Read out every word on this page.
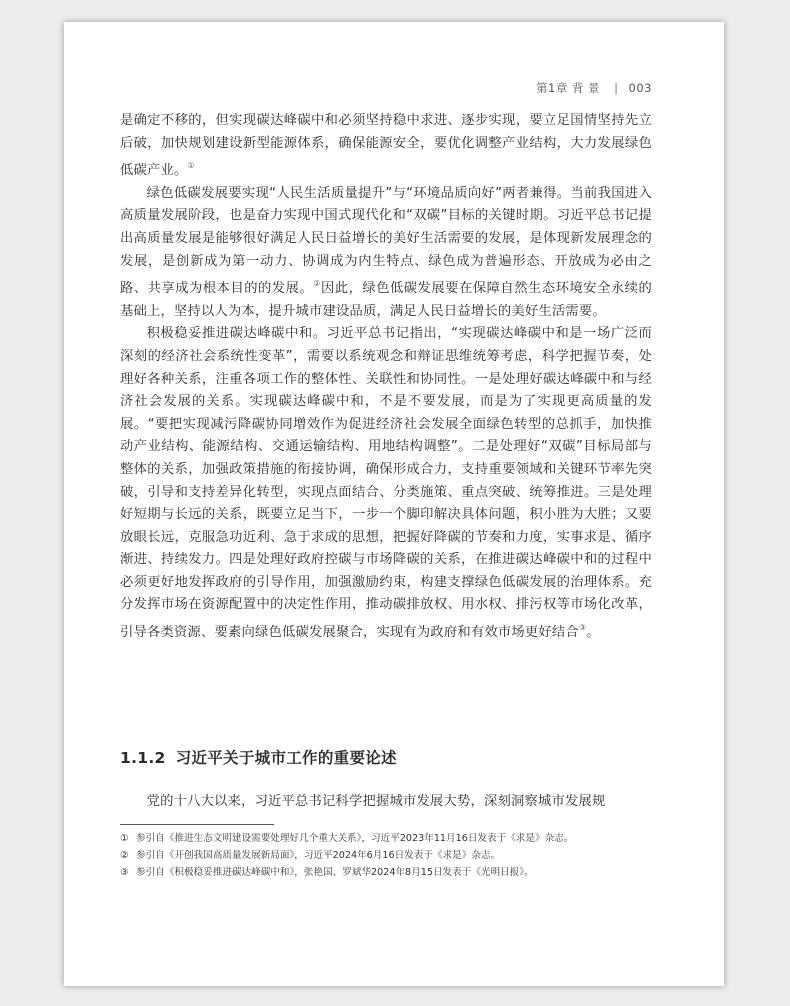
第1章 背 景 | 003

是确定不移的，但实现碳达峰碳中和必须坚持稳中求进、逐步实现，要立足国情坚持先立后破，加快规划建设新型能源体系，确保能源安全，要优化调整产业结构，大力发展绿色低碳产业。①

绿色低碳发展要实现“人民生活质量提升”与“环境品质向好”两者兼得。当前我国进入高质量发展阶段，也是奋力实现中国式现代化和“双碳”目标的关键时期。习近平总书记提出高质量发展是能够很好满足人民日益增长的美好生活需要的发展，是体现新发展理念的发展，是创新成为第一动力、协调成为内生特点、绿色成为普遍形态、开放成为必由之路、共享成为根本目的的发展。②因此，绿色低碳发展要在保障自然生态环境安全永续的基础上，坚持以人为本，提升城市建设品质，满足人民日益增长的美好生活需要。

积极稳妥推进碳达峰碳中和。习近平总书记指出，“实现碳达峰碳中和是一场广泛而深刻的经济社会系统性变革”，需要以系统观念和辩证思维统筹考虑，科学把握节奏，处理好各种关系，注重各项工作的整体性、关联性和协同性。一是处理好碳达峰碳中和与经济社会发展的关系。实现碳达峰碳中和，不是不要发展，而是为了实现更高质量的发展。“要把实现减污降碳协同增效作为促进经济社会发展全面绿色转型的总抓手，加快推动产业结构、能源结构、交通运输结构、用地结构调整”。二是处理好“双碳”目标局部与整体的关系，加强政策措施的衔接协调，确保形成合力，支持重要领域和关键环节率先突破，引导和支持差异化转型，实现点面结合、分类施策、重点突破、统筹推进。三是处理好短期与长远的关系，既要立足当下，一步一个脚印解决具体问题，积小胜为大胜；又要放眼长远，克服急功近利、急于求成的思想，把握好降碳的节奏和力度，实事求是、循序渐进、持续发力。四是处理好政府控碳与市场降碳的关系，在推进碳达峰碳中和的过程中必须更好地发挥政府的引导作用，加强激励约束，构建支撑绿色低碳发展的治理体系。充分发挥市场在资源配置中的决定性作用，推动碳排放权、用水权、排污权等市场化改革，引导各类资源、要素向绿色低碳发展聚合，实现有为政府和有效市场更好结合③。

1.1.2 习近平关于城市工作的重要论述

党的十八大以来，习近平总书记科学把握城市发展大势，深刻洞察城市发展规

① 参引自《推进生态文明建设需要处理好几个重大关系》，习近平2023年11月16日发表于《求是》杂志。
② 参引自《开创我国高质量发展新局面》，习近平2024年6月16日发表于《求是》杂志。
③ 参引自《积极稳妥推进碳达峰碳中和》，张艳国、罗斌华2024年8月15日发表于《光明日报》。
